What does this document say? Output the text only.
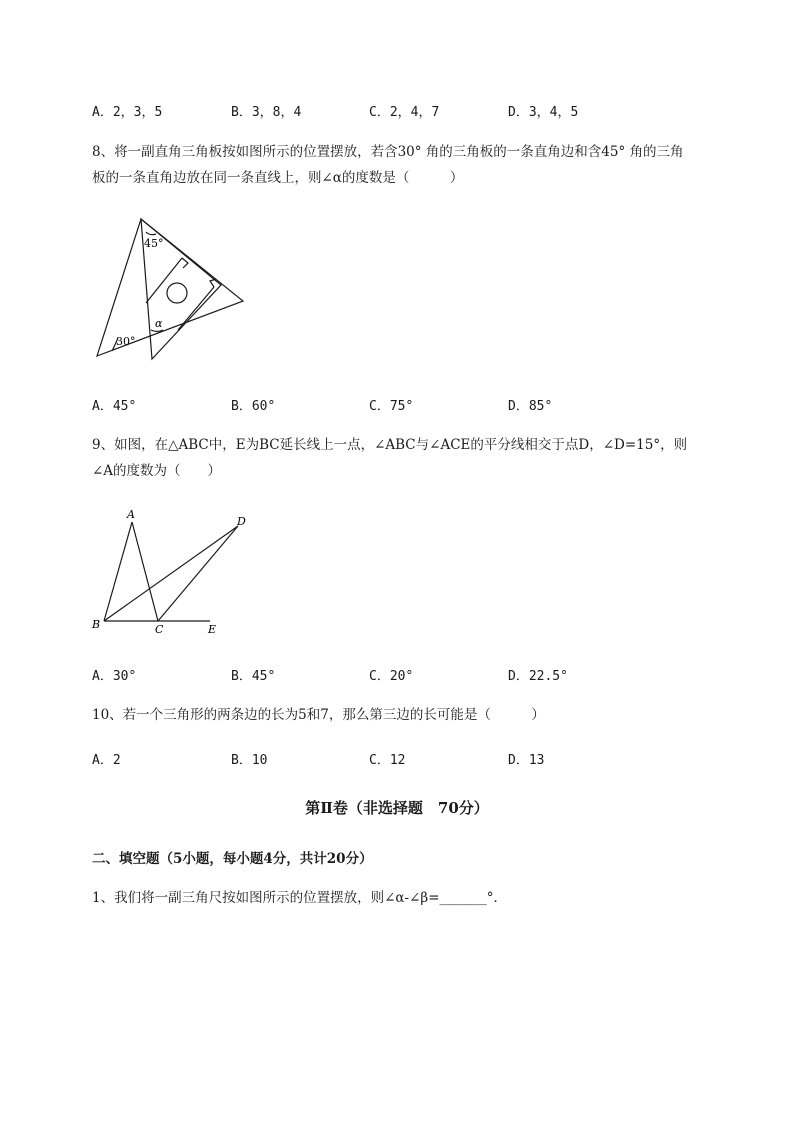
A．2，3，5	B．3，8，4	C．2，4，7	D．3，4，5
8、将一副直角三角板按如图所示的位置摆放，若含30° 角的三角板的一条直角边和含45° 角的三角
板的一条直角边放在同一条直线上，则∠α的度数是（　　　）
45°
30°
α
A．45°	B．60°	C．75°	D．85°
9、如图，在△ABC中，E为BC延长线上一点，∠ABC与∠ACE的平分线相交于点D，∠D=15°，则
∠A的度数为（　　）
A
B	C
D
E
A．30°	B．45°	C．20°	D．22.5°
10、若一个三角形的两条边的长为5和7，那么第三边的长可能是（　　　）
A．2	B．10	C．12	D．13
第Ⅱ卷（非选择题　70分）
二、填空题（5小题，每小题4分，共计20分）
1、我们将一副三角尺按如图所示的位置摆放，则∠α-∠β=_______°．
